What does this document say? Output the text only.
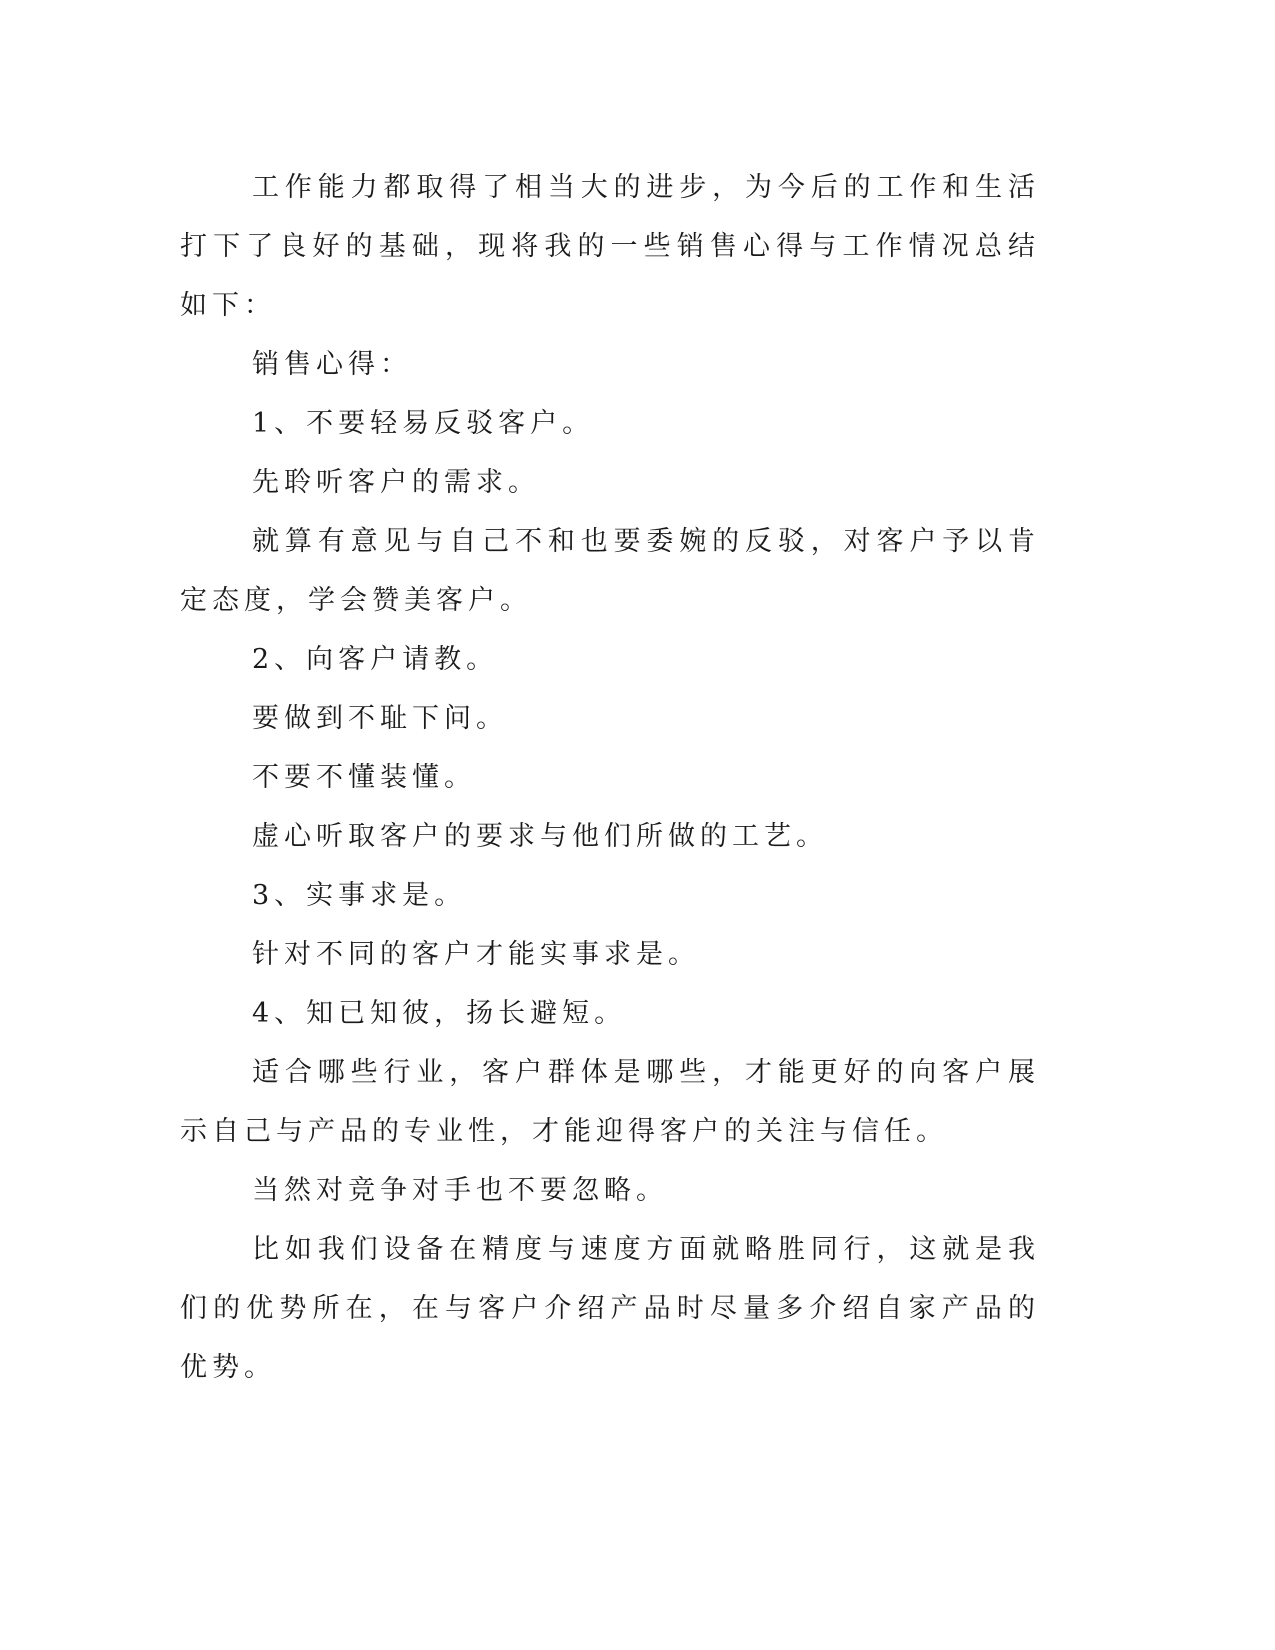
工作能力都取得了相当大的进步，为今后的工作和生活打下了良好的基础，现将我的一些销售心得与工作情况总结如下：

销售心得：

1、不要轻易反驳客户。

先聆听客户的需求。

就算有意见与自己不和也要委婉的反驳，对客户予以肯定态度，学会赞美客户。

2、向客户请教。

要做到不耻下问。

不要不懂装懂。

虚心听取客户的要求与他们所做的工艺。

3、实事求是。

针对不同的客户才能实事求是。

4、知已知彼，扬长避短。

适合哪些行业，客户群体是哪些，才能更好的向客户展示自己与产品的专业性，才能迎得客户的关注与信任。

当然对竞争对手也不要忽略。

比如我们设备在精度与速度方面就略胜同行，这就是我们的优势所在，在与客户介绍产品时尽量多介绍自家产品的优势。
